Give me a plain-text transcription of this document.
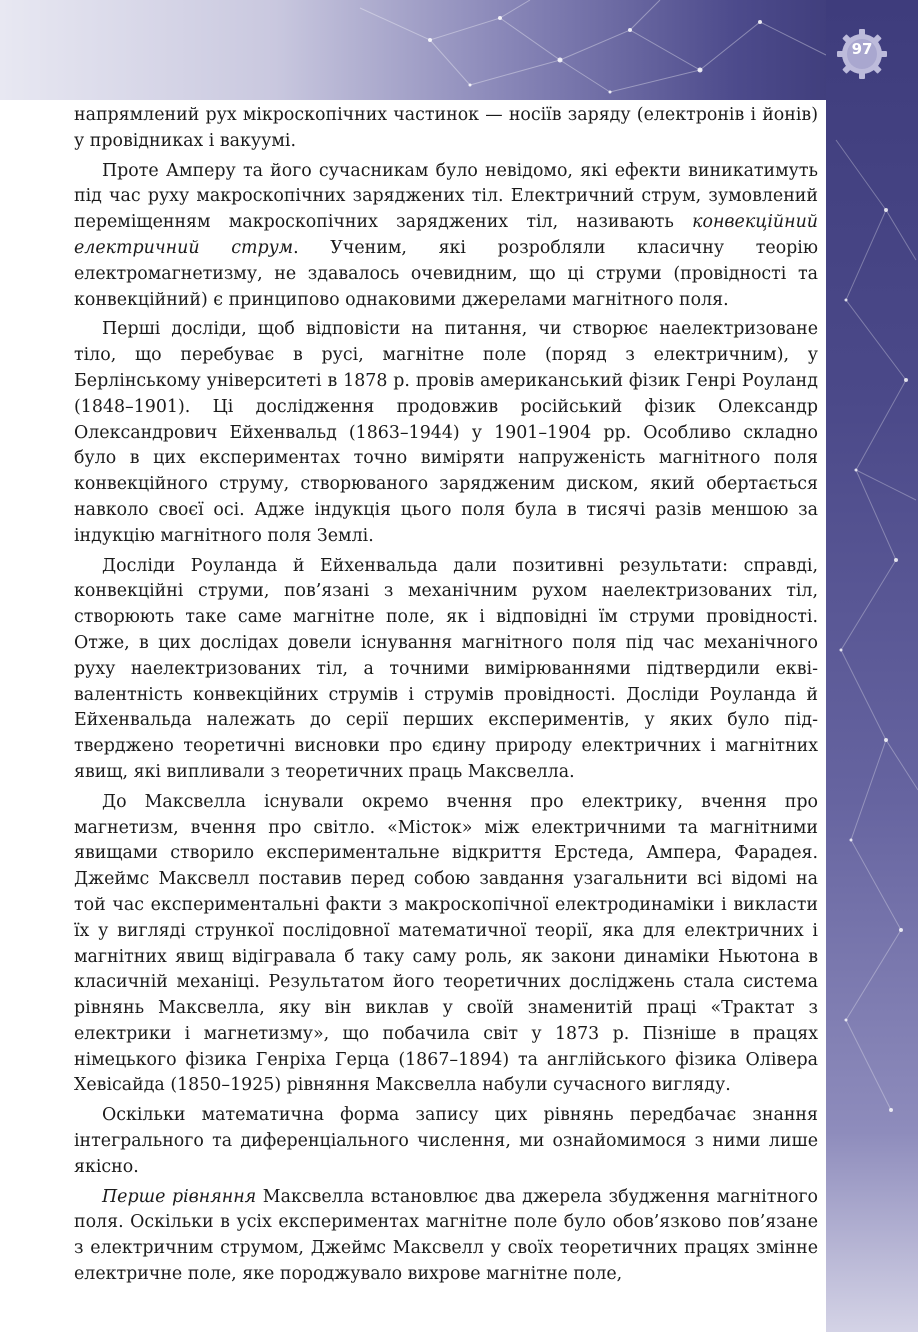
97

напрямлений рух мікроскопічних частинок — носіїв заряду (електронів і йонів) у провідниках і вакуумі.

Проте Амперу та його сучасникам було невідомо, які ефекти виникатимуть під час руху макроскопічних заряджених тіл. Електричний струм, зумовлений переміщенням макроскопічних заряджених тіл, називають конвекційний електричний струм. Ученим, які розробляли класичну теорію електромагнетизму, не здавалось очевидним, що ці струми (провідності та конвекційний) є принципово однаковими джерелами магнітного поля.

Перші досліди, щоб відповісти на питання, чи створює наелектризоване тіло, що перебуває в русі, магнітне поле (поряд з електричним), у Берлінському університеті в 1878 р. провів американський фізик Генрі Роуланд (1848–1901). Ці дослідження продовжив російський фізик Олександр Олександрович Ейхенвальд (1863–1944) у 1901–1904 рр. Особливо складно було в цих експериментах точно виміряти напруженість магнітного поля конвекційного струму, створюваного зарядженим диском, який обертається навколо своєї осі. Адже індукція цього поля була в тисячі разів меншою за індукцію магнітного поля Землі.

Досліди Роуланда й Ейхенвальда дали позитивні результати: справді, конвекційні струми, пов’язані з механічним рухом наелектризованих тіл, створюють таке саме магнітне поле, як і відповідні їм струми провідності. Отже, в цих дослідах довели існування магнітного поля під час механічного руху наелектризованих тіл, а точними вимірюваннями підтвердили еквівалентність конвекційних струмів і струмів провідності. Досліди Роуланда й Ейхенвальда належать до серії перших експериментів, у яких було підтверджено теоретичні висновки про єдину природу електричних і магнітних явищ, які випливали з теоретичних праць Максвелла.

До Максвелла існували окремо вчення про електрику, вчення про магнетизм, вчення про світло. «Місток» між електричними та магнітними явищами створило експериментальне відкриття Ерстеда, Ампера, Фарадея. Джеймс Максвелл поставив перед собою завдання узагальнити всі відомі на той час експериментальні факти з макроскопічної електродинаміки і викласти їх у вигляді стрункої послідовної математичної теорії, яка для електричних і магнітних явищ відігравала б таку саму роль, як закони динаміки Ньютона в класичній механіці. Результатом його теоретичних досліджень стала система рівнянь Максвелла, яку він виклав у своїй знаменитій праці «Трактат з електрики і магнетизму», що побачила світ у 1873 р. Пізніше в працях німецького фізика Генріха Герца (1867–1894) та англійського фізика Олівера Хевісайда (1850–1925) рівняння Максвелла набули сучасного вигляду.

Оскільки математична форма запису цих рівнянь передбачає знання інтегрального та диференціального числення, ми ознайомимося з ними лише якісно.

Перше рівняння Максвелла встановлює два джерела збудження магнітного поля. Оскільки в усіх експериментах магнітне поле було обов’язково пов’язане з електричним струмом, Джеймс Максвелл у своїх теоретичних працях змінне електричне поле, яке породжувало вихрове магнітне поле,
